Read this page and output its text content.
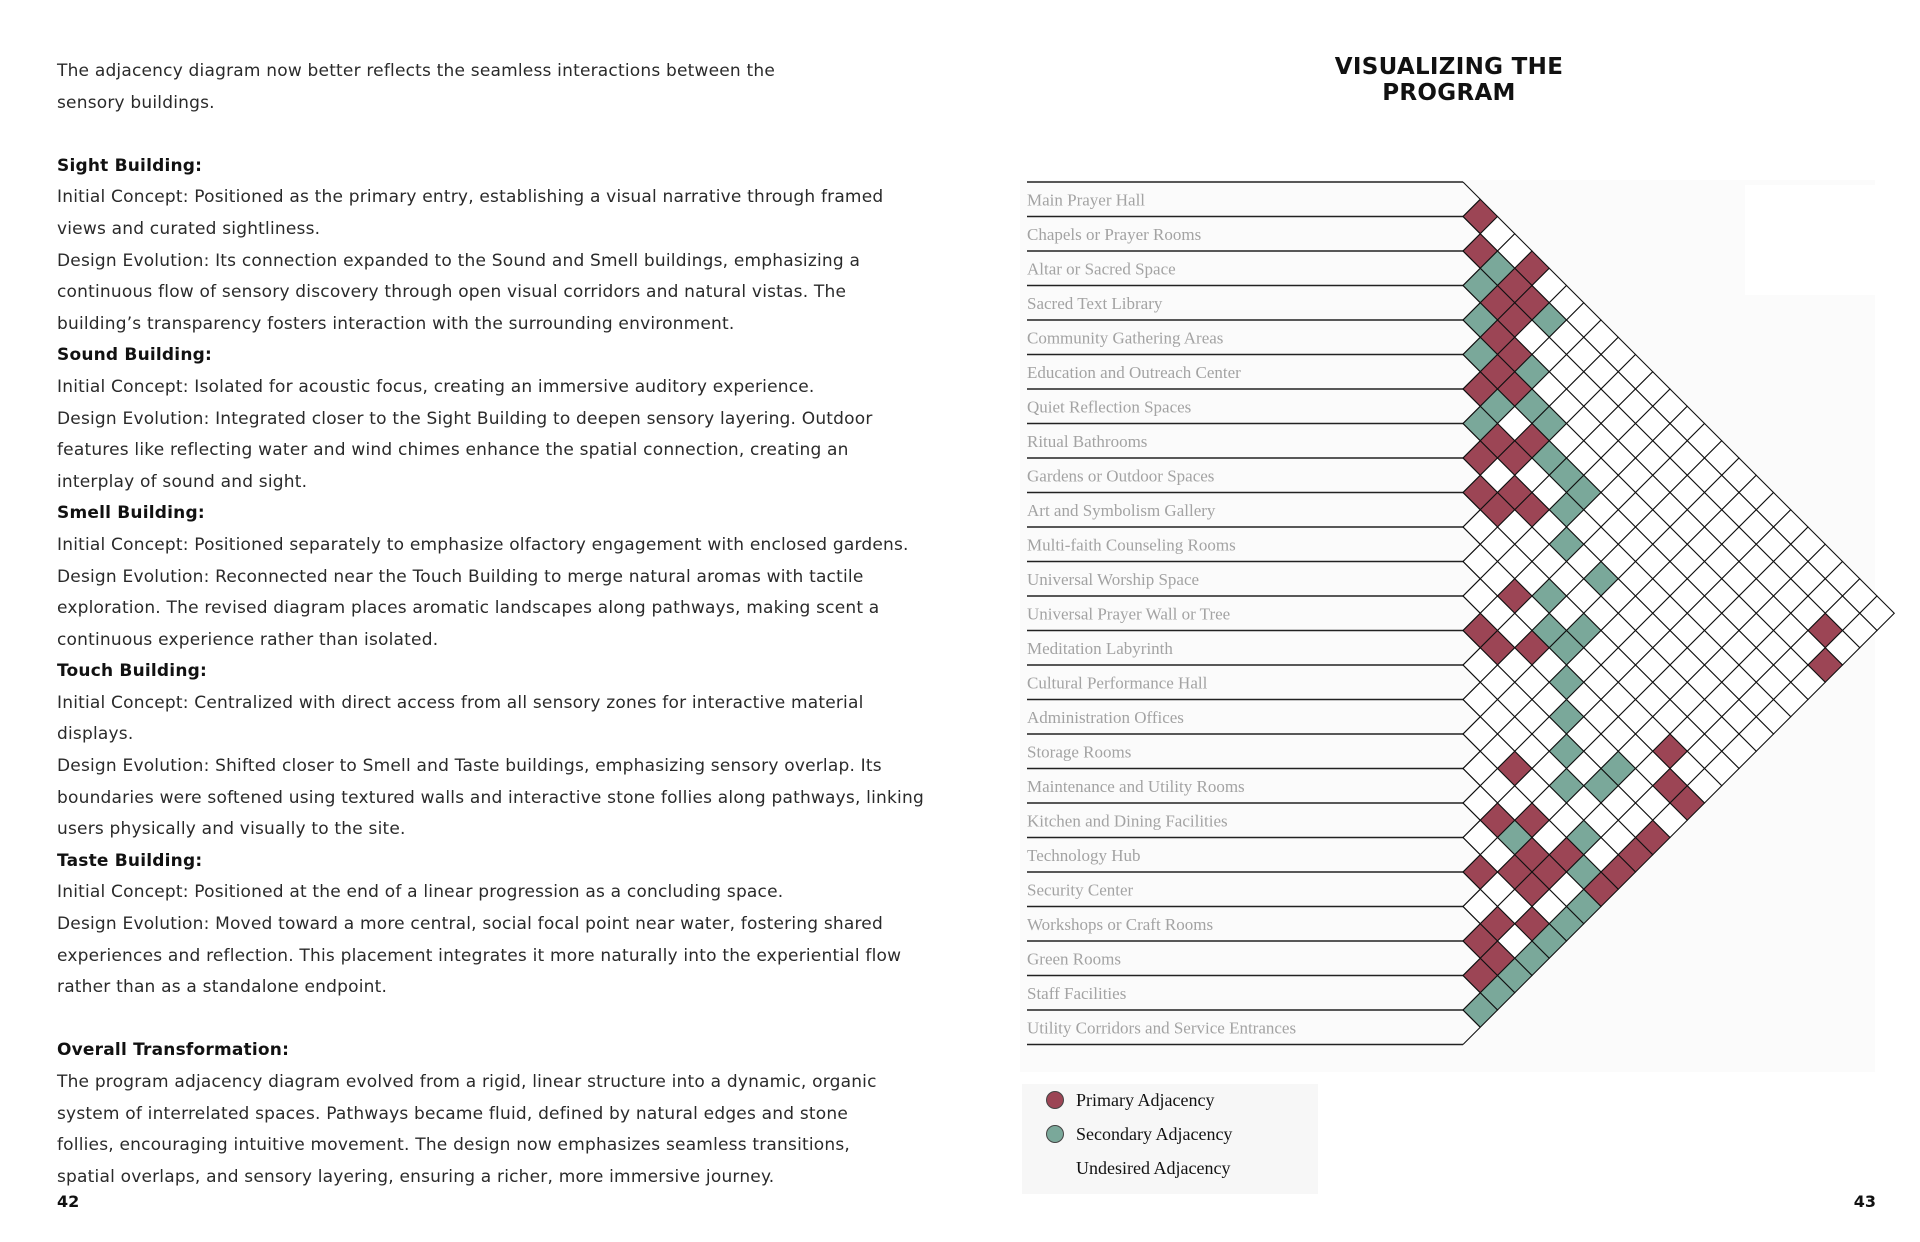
The adjacency diagram now better reflects the seamless interactions between the sensory buildings.

Sight Building:

Initial Concept: Positioned as the primary entry, establishing a visual narrative through framed views and curated sightliness.

Design Evolution: Its connection expanded to the Sound and Smell buildings, emphasizing a continuous flow of sensory discovery through open visual corridors and natural vistas. The building’s transparency fosters interaction with the surrounding environment.

Sound Building:

Initial Concept: Isolated for acoustic focus, creating an immersive auditory experience.

Design Evolution: Integrated closer to the Sight Building to deepen sensory layering. Outdoor features like reflecting water and wind chimes enhance the spatial connection, creating an interplay of sound and sight.

Smell Building:

Initial Concept: Positioned separately to emphasize olfactory engagement with enclosed gardens.

Design Evolution: Reconnected near the Touch Building to merge natural aromas with tactile exploration. The revised diagram places aromatic landscapes along pathways, making scent a continuous experience rather than isolated.

Touch Building:

Initial Concept: Centralized with direct access from all sensory zones for interactive material displays.

Design Evolution: Shifted closer to Smell and Taste buildings, emphasizing sensory overlap. Its boundaries were softened using textured walls and interactive stone follies along pathways, linking users physically and visually to the site.

Taste Building:

Initial Concept: Positioned at the end of a linear progression as a concluding space.

Design Evolution: Moved toward a more central, social focal point near water, fostering shared experiences and reflection. This placement integrates it more naturally into the experiential flow rather than as a standalone endpoint.

Overall Transformation:

The program adjacency diagram evolved from a rigid, linear structure into a dynamic, organic system of interrelated spaces. Pathways became fluid, defined by natural edges and stone follies, encouraging intuitive movement. The design now emphasizes seamless transitions, spatial overlaps, and sensory layering, ensuring a richer, more immersive journey.

42
VISUALIZING THE PROGRAM
Main Prayer Hall
Chapels or Prayer Rooms
Altar or Sacred Space
Sacred Text Library
Community Gathering Areas
Education and Outreach Center
Quiet Reflection Spaces
Ritual Bathrooms
Gardens or Outdoor Spaces
Art and Symbolism Gallery
Multi-faith Counseling Rooms
Universal Worship Space
Universal Prayer Wall or Tree
Meditation Labyrinth
Cultural Performance Hall
Administration Offices
Storage Rooms
Maintenance and Utility Rooms
Kitchen and Dining Facilities
Technology Hub
Security Center
Workshops or Craft Rooms
Green Rooms
Staff Facilities
Utility Corridors and Service Entrances
Primary Adjacency
Secondary Adjacency
Undesired Adjacency
43
